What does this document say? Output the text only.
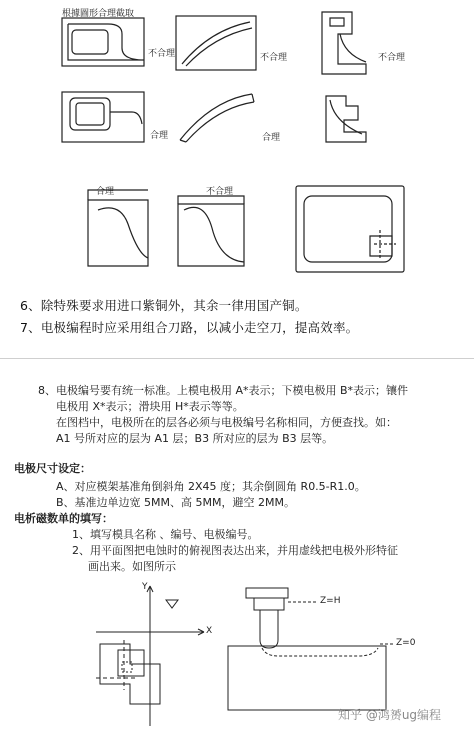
根據圖形合理截取
不合理	不合理	不合理
合理	合理
合理	不合理
6、除特殊要求用进口紫铜外，其余一律用国产铜。
7、电极编程时应采用组合刀路，以减小走空刀，提高效率。
8、电极编号要有统一标准。上模电极用 A*表示；下模电极用 B*表示；镶件
电极用 X*表示；滑块用 H*表示等等。
在图档中，电极所在的层各必须与电极编号名称相同，方便查找。如：
A1 号所对应的层为 A1 层；B3 所对应的层为 B3 层等。
电极尺寸设定：
A、对应模架基准角倒斜角 2X45 度；其余倒圆角 R0.5-R1.0。
B、基准边单边宽 5MM、高 5MM，避空 2MM。
电析磁数单的填写：
1、填写模具名称 、编号、电极编号。
2、用平面图把电蚀时的俯视图表达出来，并用虚线把电极外形特征
画出来。如图所示
X
Y
Z=H
Z=0
知乎 @鸿赟ug编程
